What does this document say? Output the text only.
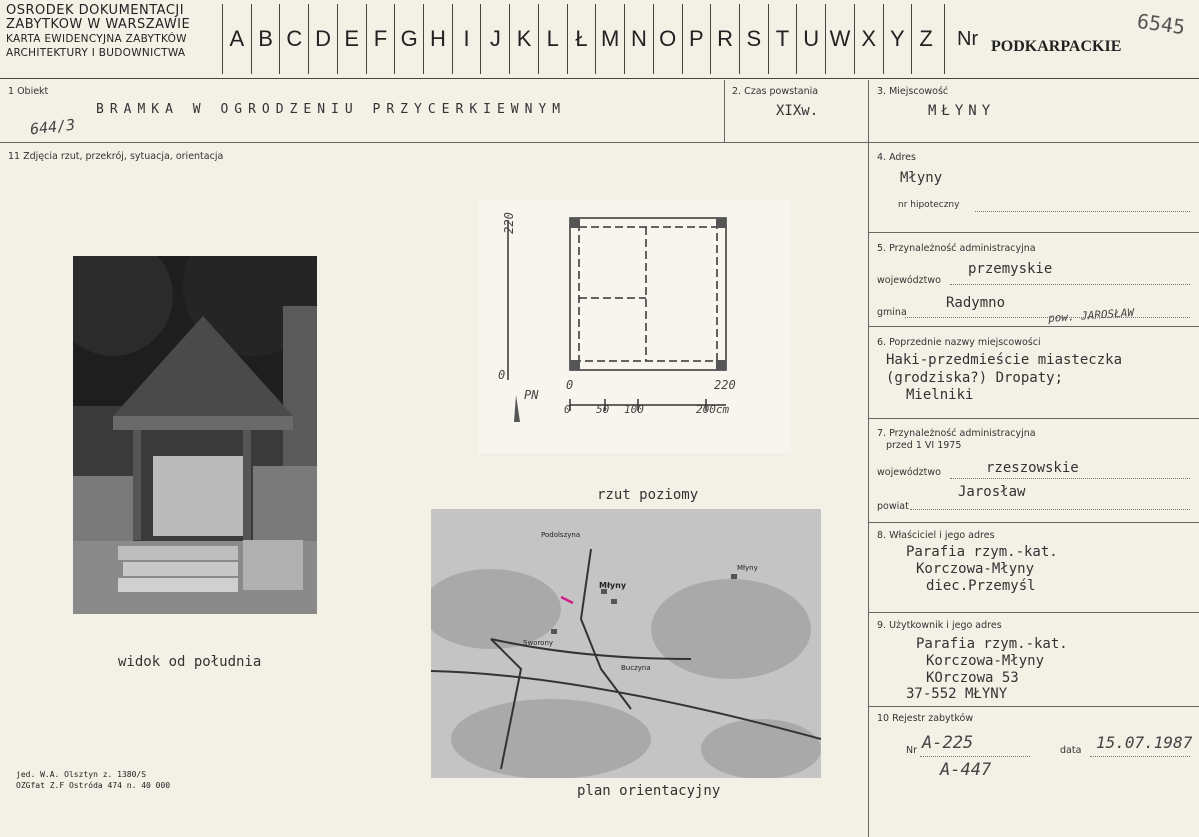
OSRODEK DOKUMENTACJI
ZABYTKOW W WARSZAWIE
KARTA EWIDENCYJNA ZABYTKÓW
ARCHITEKTURY I BUDOWNICTWA
A B C D E F G H I J K L Ł M N O P R S T U W X Y Z	Nr PODKARPACKIE
6545
1 Obiekt
BRAMKA W OGRODZENIU PRZYCERKIEWNYM
644/3
2. Czas powstania
XIXw.
3. Miejscowość
MŁYNY
11 Zdjęcia rzut, przekrój, sytuacja, orientacja	4. Adres
Młyny
nr hipoteczny
5. Przynależność administracyjna
województwo
przemyskie
gmina
Radymno
pow. JAROSŁAW
6. Poprzednie nazwy miejscowości
Haki-przedmieście miasteczka
(grodziska?) Dropaty;
Mielniki
7. Przynależność administracyjna
przed 1 VI 1975
województwo	rzeszowskie
powiat
Jarosław
8. Właściciel i jego adres
Parafia rzym.-kat.
Korczowa-Młyny
diec.Przemyśl
9. Użytkownik i jego adres
Parafia rzym.-kat.
Korczowa-Młyny
KOrczowa 53
37-552 MŁYNY
10 Rejestr zabytków
Nr A-225
A-447
data 15.07.1987
220
0
0	220
PN
0 50 100	200cm
Podolszyna
Młyny
Sworony
Buczyna
Młyny
widok od południa
rzut poziomy
plan orientacyjny
jed. W.A. Olsztyn z. 1380/S
OZGfat Z.F Ostróda 474 n. 40 000
